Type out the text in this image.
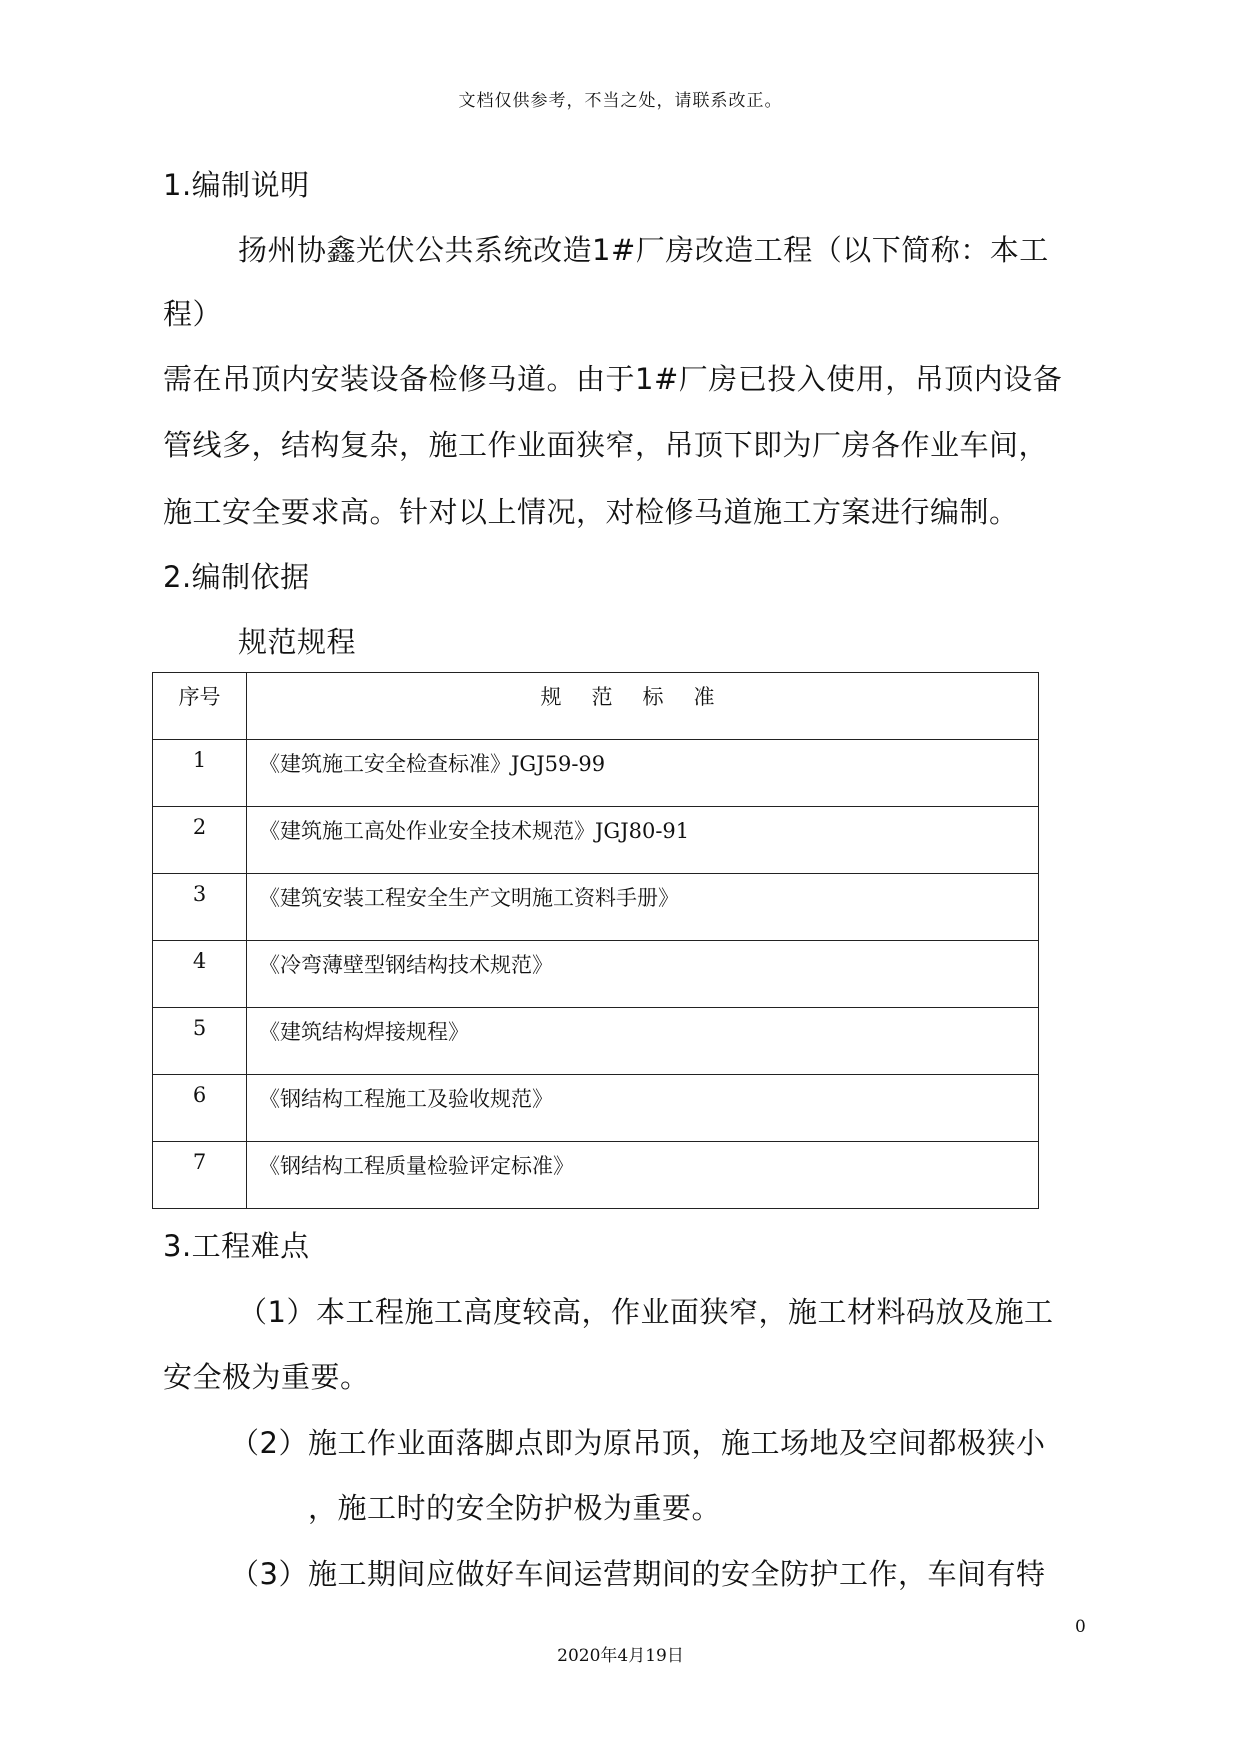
文档仅供参考，不当之处，请联系改正。
1.编制说明
扬州协鑫光伏公共系统改造1#厂房改造工程（以下简称：本工
程）
需在吊顶内安装设备检修马道。由于1#厂房已投入使用，吊顶内设备
管线多，结构复杂，施工作业面狭窄，吊顶下即为厂房各作业车间，
施工安全要求高。针对以上情况，对检修马道施工方案进行编制。
2.编制依据
规范规程
序号	规范标准
1	《建筑施工安全检查标准》JGJ59-99
2	《建筑施工高处作业安全技术规范》JGJ80-91
3	《建筑安装工程安全生产文明施工资料手册》
4	《冷弯薄壁型钢结构技术规范》
5	《建筑结构焊接规程》
6	《钢结构工程施工及验收规范》
7	《钢结构工程质量检验评定标准》
3.工程难点
（1）本工程施工高度较高，作业面狭窄，施工材料码放及施工
安全极为重要。
（2）施工作业面落脚点即为原吊顶，施工场地及空间都极狭小
，施工时的安全防护极为重要。
（3）施工期间应做好车间运营期间的安全防护工作，车间有特
0
2020年4月19日
